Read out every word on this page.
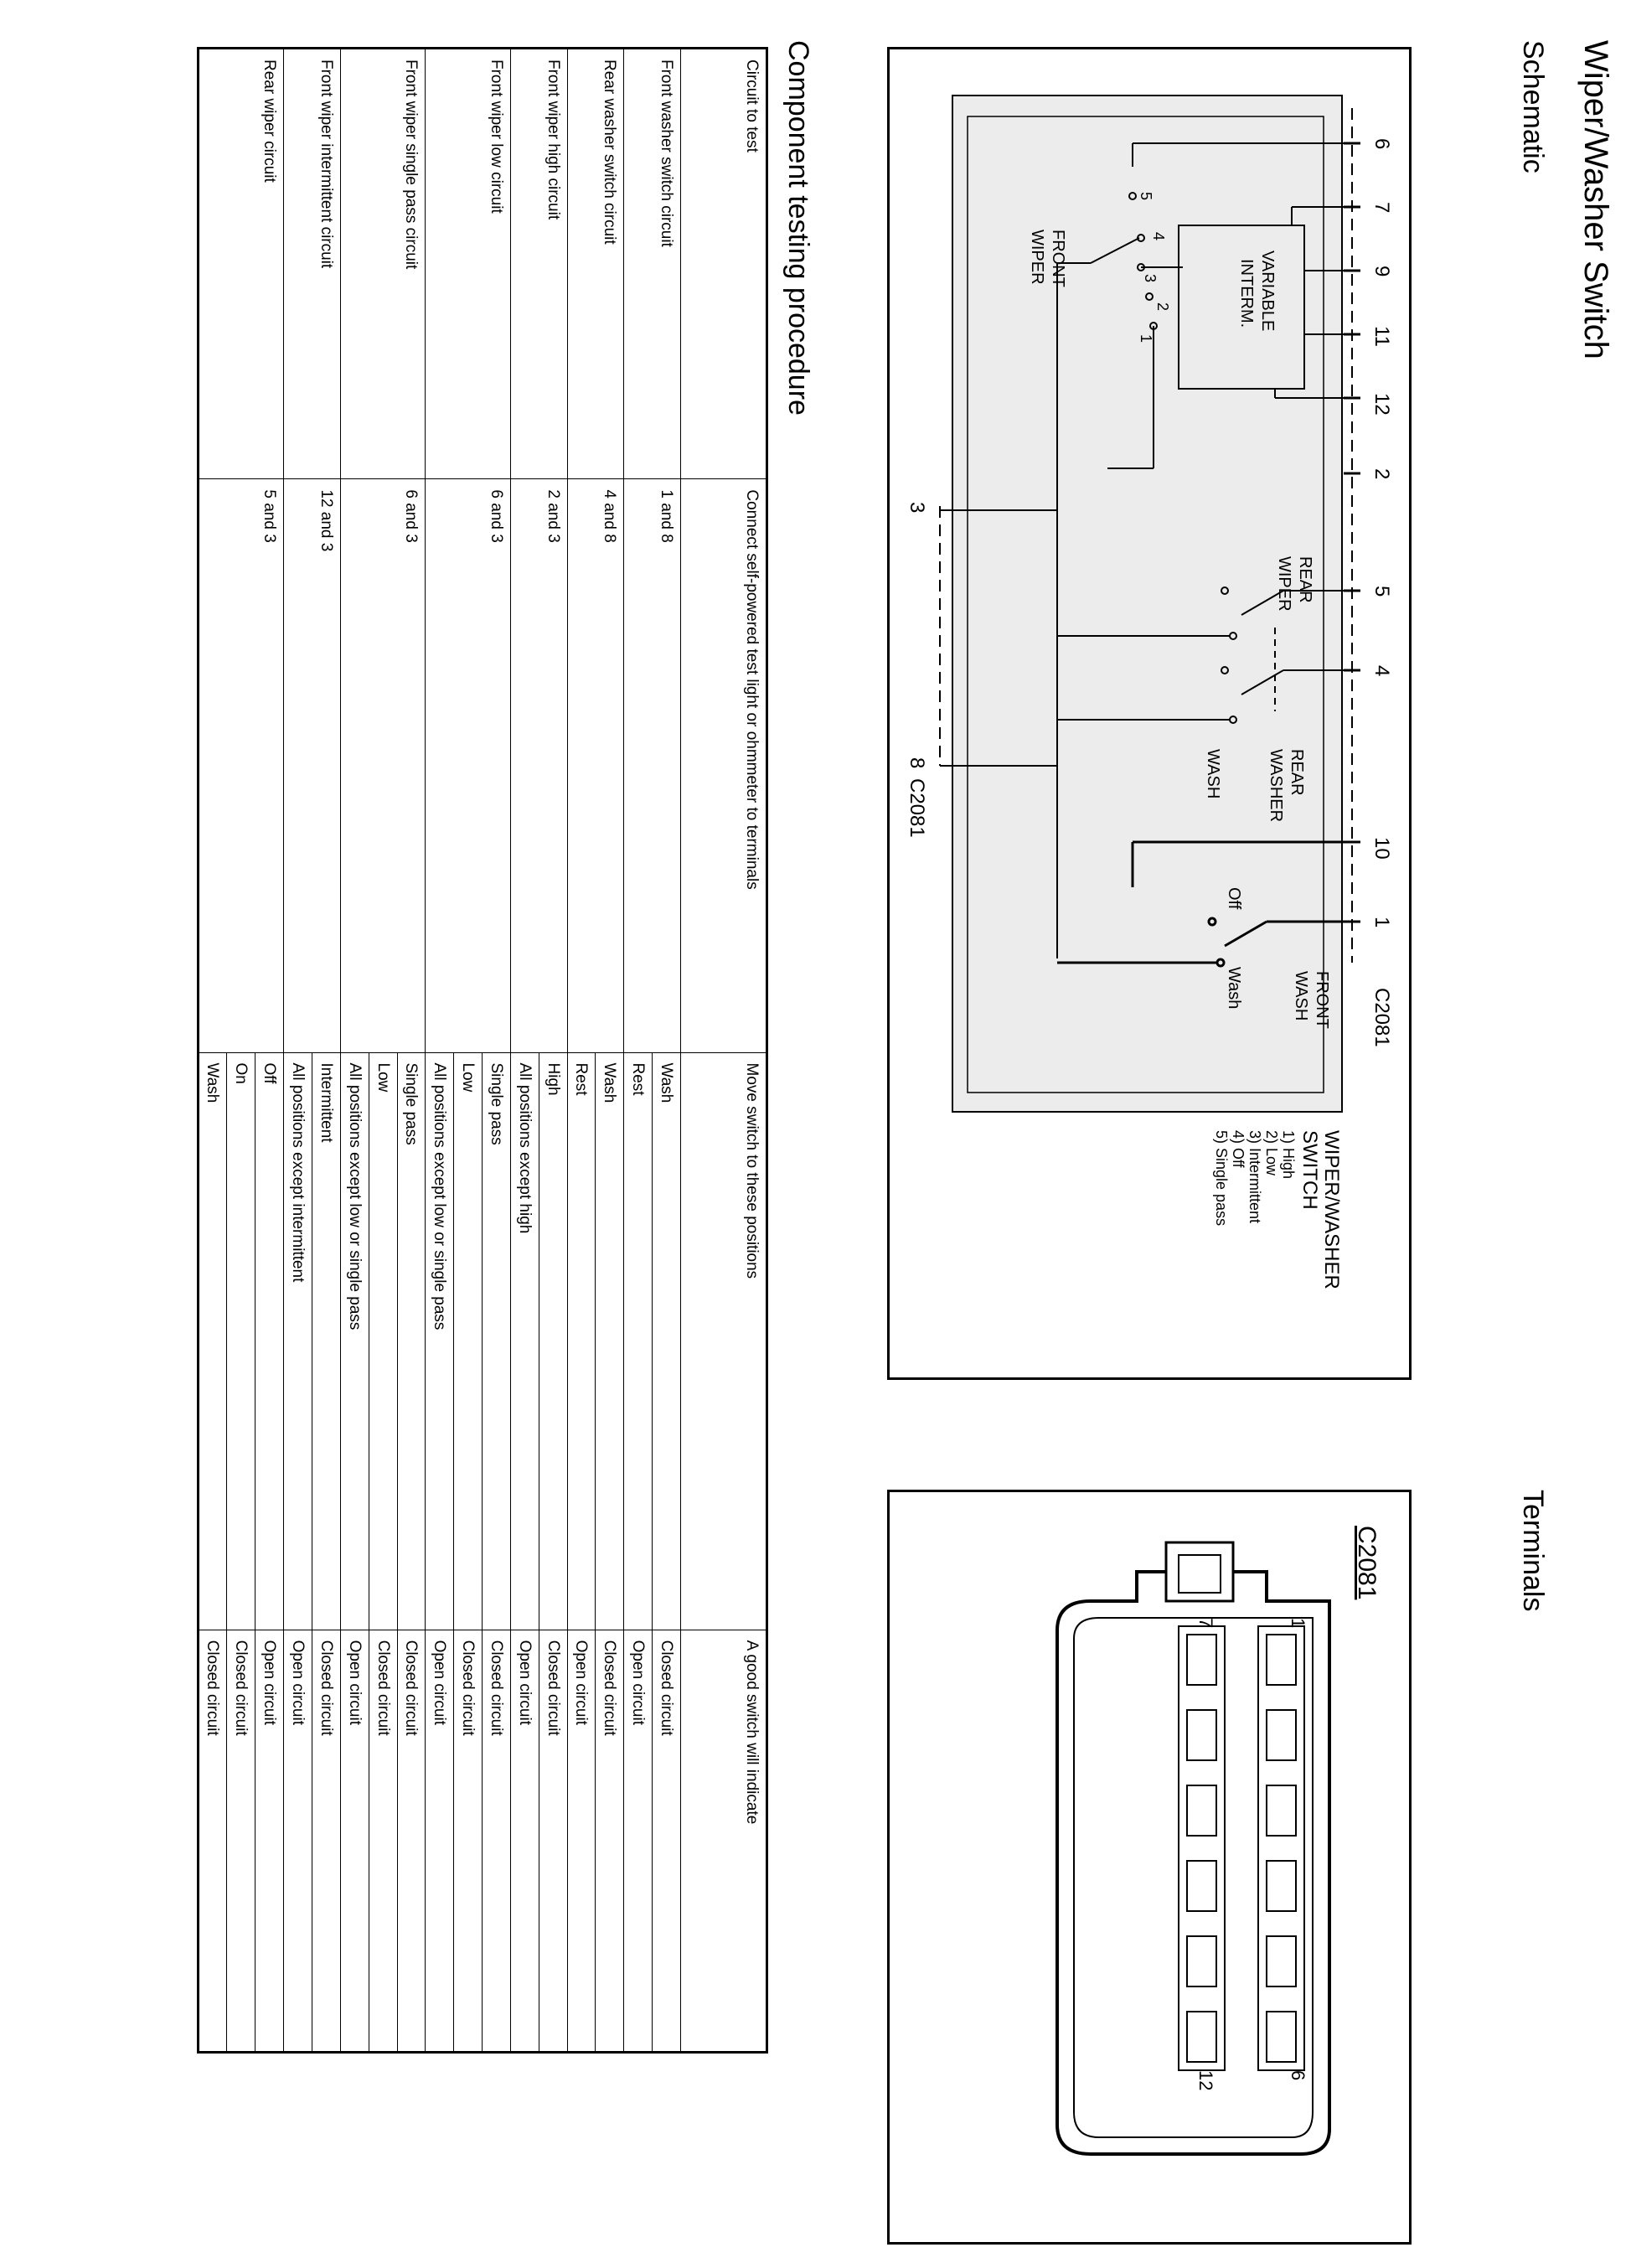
Wiper/Washer Switch
Schematic
Terminals
Component testing procedure	6
7
9
11
12
2
5
4
10
1
C2081
VARIABLE
INTERM.
5
4
3
2
1
FRONT
WIPER
REAR
WIPER
REAR
WASHER
WASH
Off
Wash	FRONT
WASH
3
8
C2081
WIPER/WASHER
SWITCH
1) High
2) Low
3) Intermittent
4) Off
5) Single pass
C2081
1
6
7
12
Circuit to test	Connect self-powered test light or ohmmeter to terminals	Move switch to these positions	A good switch will indicate
Front washer switch circuit	1 and 8	Wash	Closed circuit
		Rest	Open circuit
Rear washer switch circuit	4 and 8	Wash	Closed circuit
		Rest	Open circuit
Front wiper high circuit	2 and 3	High	Closed circuit
		All positions except high	Open circuit
Front wiper low circuit	6 and 3	Single pass	Closed circuit
		Low	Closed circuit
		All positions except low or single pass	Open circuit
Front wiper single pass circuit	6 and 3	Single pass	Closed circuit
		Low	Closed circuit
		All positions except low or single pass	Open circuit
Front wiper intermittent circuit	12 and 3	Intermittent	Closed circuit
		All positions except intermittent	Open circuit
Rear wiper circuit	5 and 3	Off	Open circuit
		On	Closed circuit
		Wash	Closed circuit
